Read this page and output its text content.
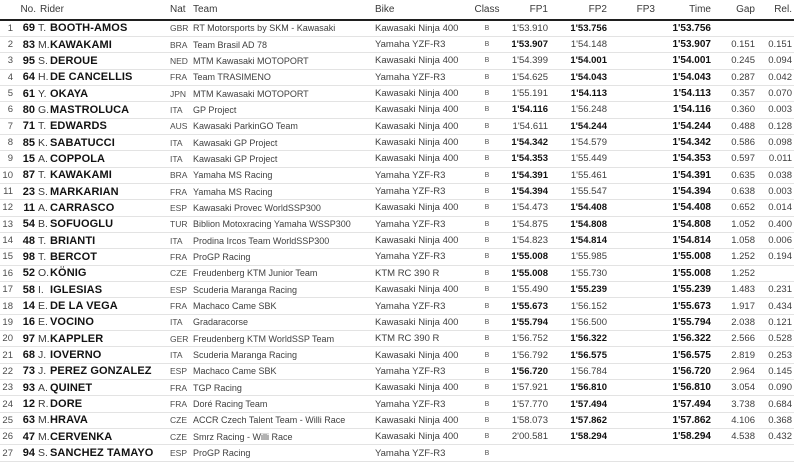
	No.	Rider	Nat	Team	Bike	Class	FP1	FP2	FP3	Time	Gap	Rel.
1	69	T. BOOTH-AMOS	GBR	RT Motorsports by SKM - Kawasaki	Kawasaki Ninja 400	B	1'53.910	1'53.756		1'53.756		
2	83	M.KAWAKAMI	BRA	Team Brasil AD 78	Yamaha YZF-R3	B	1'53.907	1'54.148		1'53.907	0.151	0.151
3	95	S. DEROUE	NED	MTM Kawasaki MOTOPORT	Kawasaki Ninja 400	B	1'54.399	1'54.001		1'54.001	0.245	0.094
4	64	H. DE CANCELLIS	FRA	Team TRASIMENO	Yamaha YZF-R3	B	1'54.625	1'54.043		1'54.043	0.287	0.042
5	61	Y. OKAYA	JPN	MTM Kawasaki MOTOPORT	Kawasaki Ninja 400	B	1'55.191	1'54.113		1'54.113	0.357	0.070
6	80	G.MASTROLUCA	ITA	GP Project	Kawasaki Ninja 400	B	1'54.116	1'56.248		1'54.116	0.360	0.003
7	71	T. EDWARDS	AUS	Kawasaki ParkinGO Team	Kawasaki Ninja 400	B	1'54.611	1'54.244		1'54.244	0.488	0.128
8	85	K. SABATUCCI	ITA	Kawasaki GP Project	Kawasaki Ninja 400	B	1'54.342	1'54.579		1'54.342	0.586	0.098
9	15	A. COPPOLA	ITA	Kawasaki GP Project	Kawasaki Ninja 400	B	1'54.353	1'55.449		1'54.353	0.597	0.011
10	87	T. KAWAKAMI	BRA	Yamaha MS Racing	Yamaha YZF-R3	B	1'54.391	1'55.461		1'54.391	0.635	0.038
11	23	S. MARKARIAN	FRA	Yamaha MS Racing	Yamaha YZF-R3	B	1'54.394	1'55.547		1'54.394	0.638	0.003
12	11	A. CARRASCO	ESP	Kawasaki Provec WorldSSP300	Kawasaki Ninja 400	B	1'54.473	1'54.408		1'54.408	0.652	0.014
13	54	B. SOFUOGLU	TUR	Biblion Motoxracing Yamaha WSSP300	Yamaha YZF-R3	B	1'54.875	1'54.808		1'54.808	1.052	0.400
14	48	T. BRIANTI	ITA	Prodina Ircos Team WorldSSP300	Kawasaki Ninja 400	B	1'54.823	1'54.814		1'54.814	1.058	0.006
15	98	T. BERCOT	FRA	ProGP Racing	Yamaha YZF-R3	B	1'55.008	1'55.985		1'55.008	1.252	0.194
16	52	O.KÖNIG	CZE	Freudenberg KTM Junior Team	KTM RC 390 R	B	1'55.008	1'55.730		1'55.008	1.252	
17	58	I. IGLESIAS	ESP	Scuderia Maranga Racing	Kawasaki Ninja 400	B	1'55.490	1'55.239		1'55.239	1.483	0.231
18	14	E. DE LA VEGA	FRA	Machaco Came SBK	Yamaha YZF-R3	B	1'55.673	1'56.152		1'55.673	1.917	0.434
19	16	E. VOCINO	ITA	Gradaracorse	Kawasaki Ninja 400	B	1'55.794	1'56.500		1'55.794	2.038	0.121
20	97	M.KAPPLER	GER	Freudenberg KTM WorldSSP Team	KTM RC 390 R	B	1'56.752	1'56.322		1'56.322	2.566	0.528
21	68	J. IOVERNO	ITA	Scuderia Maranga Racing	Kawasaki Ninja 400	B	1'56.792	1'56.575		1'56.575	2.819	0.253
22	73	J. PEREZ GONZALEZ	ESP	Machaco Came SBK	Yamaha YZF-R3	B	1'56.720	1'56.784		1'56.720	2.964	0.145
23	93	A. QUINET	FRA	TGP Racing	Kawasaki Ninja 400	B	1'57.921	1'56.810		1'56.810	3.054	0.090
24	12	R. DORE	FRA	Doré Racing Team	Yamaha YZF-R3	B	1'57.770	1'57.494		1'57.494	3.738	0.684
25	63	M.HRAVA	CZE	ACCR Czech Talent Team - Willi Race	Kawasaki Ninja 400	B	1'58.073	1'57.862		1'57.862	4.106	0.368
26	47	M.CERVENKA	CZE	Smrz Racing - Willi Race	Kawasaki Ninja 400	B	2'00.581	1'58.294		1'58.294	4.538	0.432
27	94	S. SANCHEZ TAMAYO	ESP	ProGP Racing	Yamaha YZF-R3	B						
